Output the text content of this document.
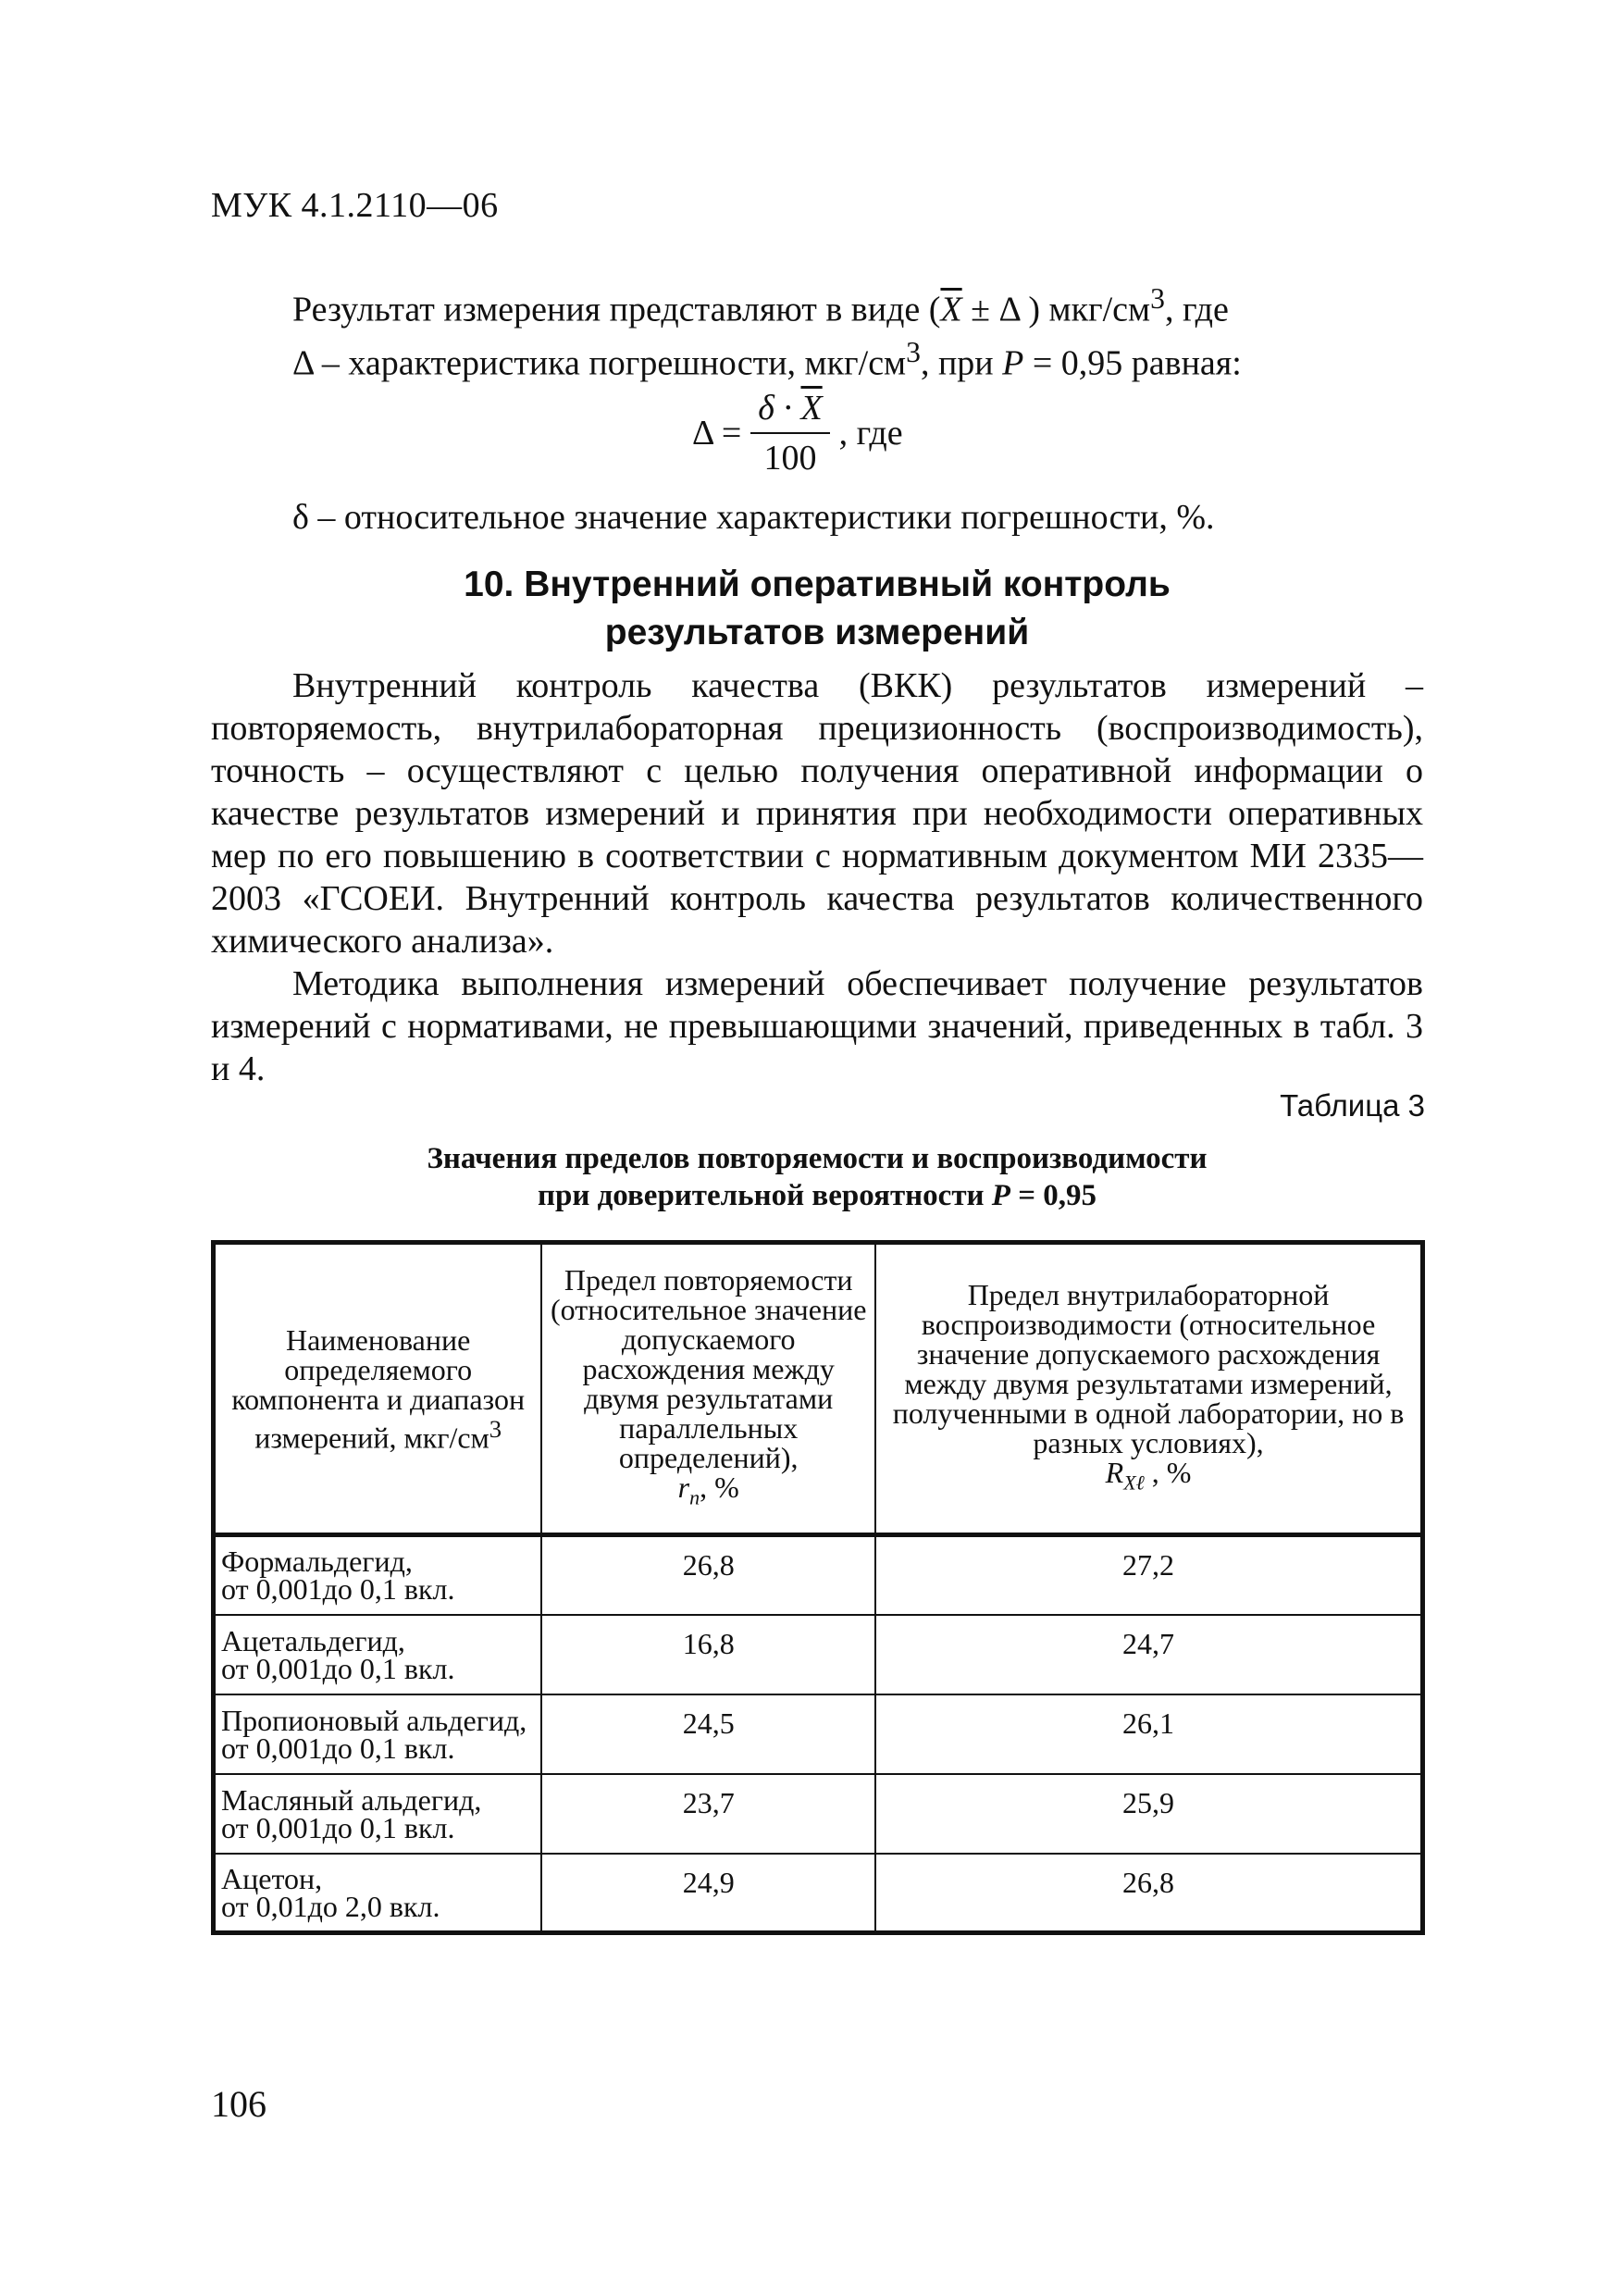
МУК 4.1.2110—06
Результат измерения представляют в виде ($\overline{X} \pm \Delta$ ) мкг/$см^3$, где
Δ – характеристика погрешности, мкг/$см^3$, при P = 0,95 равная:
$\Delta = \frac{\delta \cdot \overline{X}}{100}$ , где
δ – относительное значение характеристики погрешности, %.
10. Внутренний оперативный контроль
результатов измерений
Внутренний контроль качества (ВКК) результатов измерений – повторяемость, внутрилабораторная прецизионность (воспроизводимость), точность – осуществляют с целью получения оперативной информации о качестве результатов измерений и принятия при необходимости оперативных мер по его повышению в соответствии с нормативным документом МИ 2335—2003 «ГСОЕИ. Внутренний контроль качества результатов количественного химического анализа».
Методика выполнения измерений обеспечивает получение результатов измерений с нормативами, не превышающими значений, приведенных в табл. 3 и 4.
Таблица 3
Значения пределов повторяемости и воспроизводимости
при доверительной вероятности P = 0,95
Наименование определяемого компонента и диапазон измерений, мкг/$см^3$	Предел повторяемости (относительное значение допускаемого расхождения между двумя результатами параллельных определений),
$r_n$, %	Предел внутрилабораторной воспроизводимости (относительное значение допускаемого расхождения между двумя результатами измерений, полученными в одной лаборатории, но в разных условиях),
$R_{X\ell}$ , %

Формальдегид,
от 0,001до 0,1 вкл.	26,8	27,2

Ацетальдегид,
от 0,001до 0,1 вкл.	16,8	24,7

Пропионовый альдегид,
от 0,001до 0,1 вкл.	24,5	26,1

Масляный альдегид,
от 0,001до 0,1 вкл.	23,7	25,9

Ацетон,
от 0,01до 2,0 вкл.	24,9	26,8
106
